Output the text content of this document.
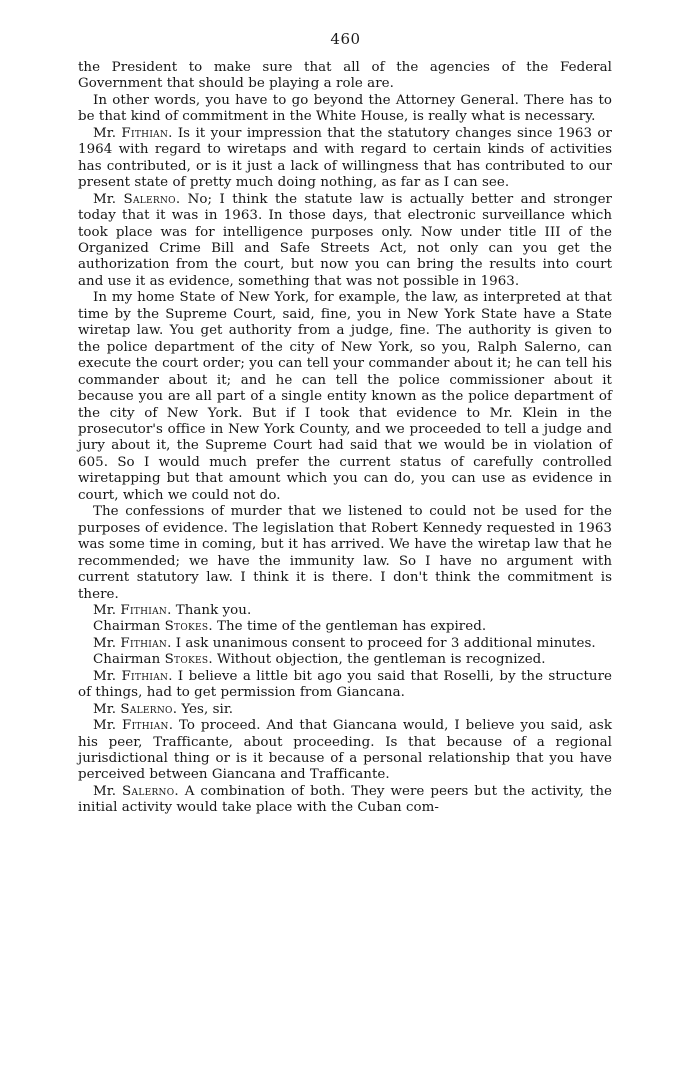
460

the President to make sure that all of the agencies of the Federal Government that should be playing a role are.

In other words, you have to go beyond the Attorney General. There has to be that kind of commitment in the White House, is really what is necessary.

Mr. Fithian. Is it your impression that the statutory changes since 1963 or 1964 with regard to wiretaps and with regard to certain kinds of activities has contributed, or is it just a lack of willingness that has contributed to our present state of pretty much doing nothing, as far as I can see.

Mr. Salerno. No; I think the statute law is actually better and stronger today that it was in 1963. In those days, that electronic surveillance which took place was for intelligence purposes only. Now under title III of the Organized Crime Bill and Safe Streets Act, not only can you get the authorization from the court, but now you can bring the results into court and use it as evidence, something that was not possible in 1963.

In my home State of New York, for example, the law, as interpreted at that time by the Supreme Court, said, fine, you in New York State have a State wiretap law. You get authority from a judge, fine. The authority is given to the police department of the city of New York, so you, Ralph Salerno, can execute the court order; you can tell your commander about it; he can tell his commander about it; and he can tell the police commissioner about it because you are all part of a single entity known as the police department of the city of New York. But if I took that evidence to Mr. Klein in the prosecutor's office in New York County, and we proceeded to tell a judge and jury about it, the Supreme Court had said that we would be in violation of 605. So I would much prefer the current status of carefully controlled wiretapping but that amount which you can do, you can use as evidence in court, which we could not do.

The confessions of murder that we listened to could not be used for the purposes of evidence. The legislation that Robert Kennedy requested in 1963 was some time in coming, but it has arrived. We have the wiretap law that he recommended; we have the immunity law. So I have no argument with current statutory law. I think it is there. I don't think the commitment is there.

Mr. Fithian. Thank you.

Chairman Stokes. The time of the gentleman has expired.

Mr. Fithian. I ask unanimous consent to proceed for 3 additional minutes.

Chairman Stokes. Without objection, the gentleman is recognized.

Mr. Fithian. I believe a little bit ago you said that Roselli, by the structure of things, had to get permission from Giancana.

Mr. Salerno. Yes, sir.

Mr. Fithian. To proceed. And that Giancana would, I believe you said, ask his peer, Trafficante, about proceeding. Is that because of a regional jurisdictional thing or is it because of a personal relationship that you have perceived between Giancana and Trafficante.

Mr. Salerno. A combination of both. They were peers but the activity, the initial activity would take place with the Cuban com-
